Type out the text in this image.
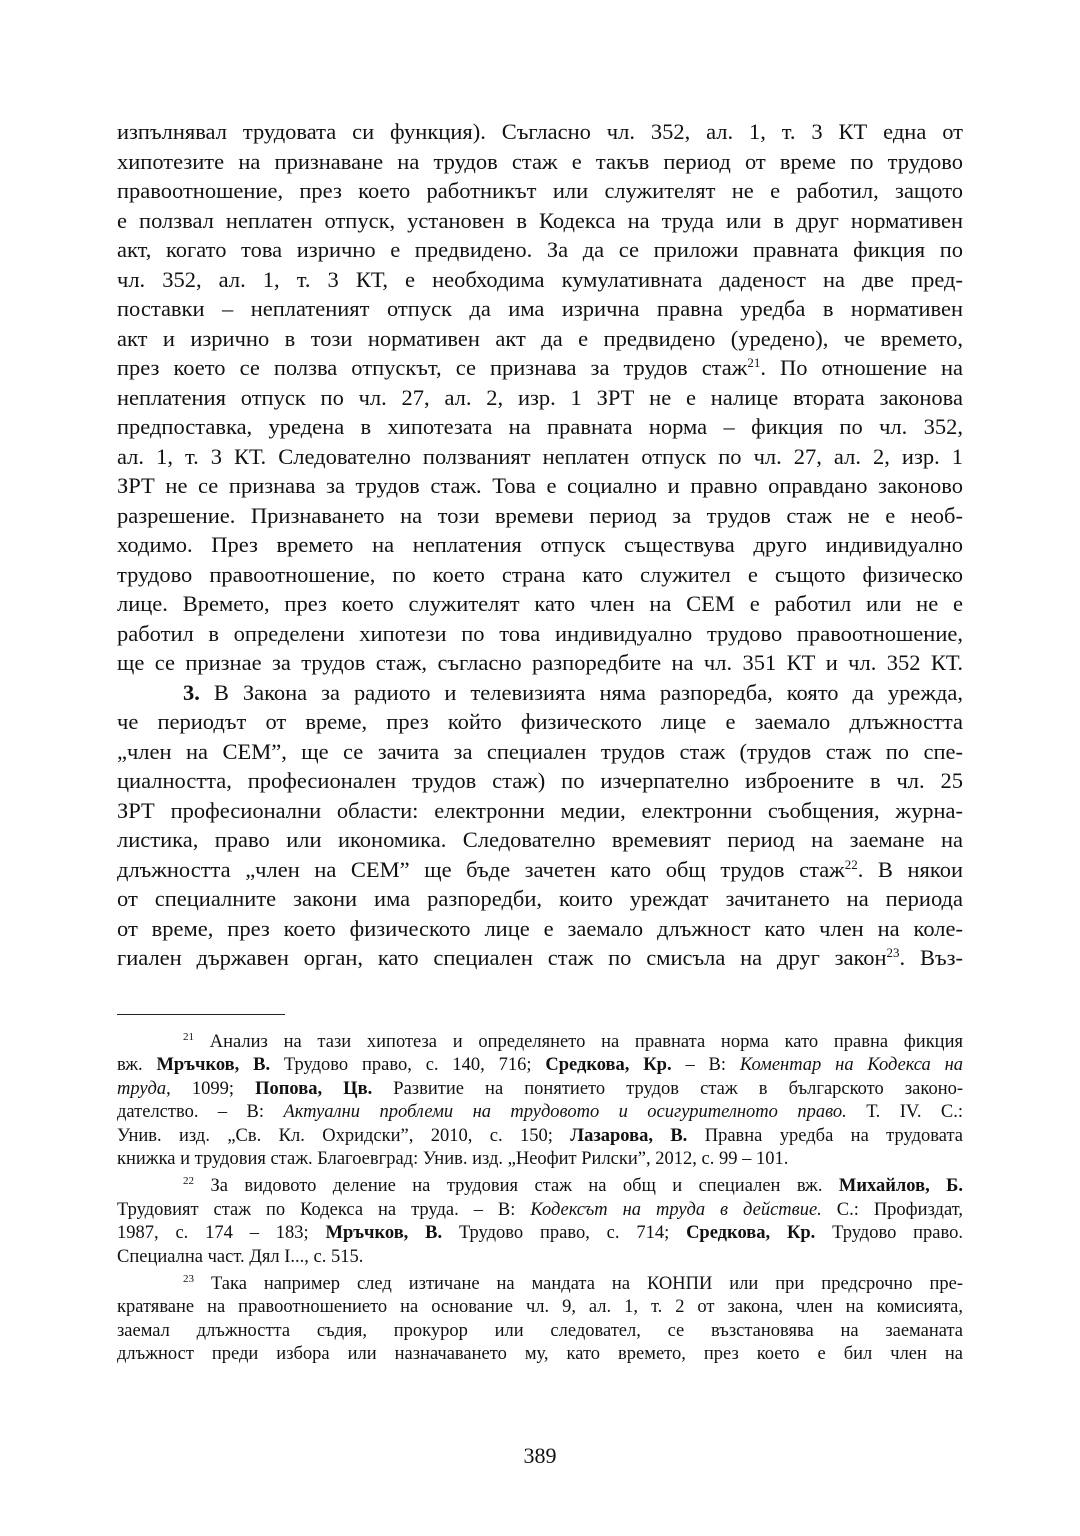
изпълнявал трудовата си функция). Съгласно чл. 352, ал. 1, т. 3 КТ една от
хипотезите на признаване на трудов стаж е такъв период от време по трудово
правоотношение, през което работникът или служителят не е работил, защото
е ползвал неплатен отпуск, установен в Кодекса на труда или в друг нормативен
акт, когато това изрично е предвидено. За да се приложи правната фикция по
чл. 352, ал. 1, т. 3 КТ, е необходима кумулативната даденост на две пред-
поставки – неплатеният отпуск да има изрична правна уредба в нормативен
акт и изрично в този нормативен акт да е предвидено (уредено), че времето,
през което се ползва отпускът, се признава за трудов стаж$^{21}$. По отношение на
неплатения отпуск по чл. 27, ал. 2, изр. 1 ЗРТ не е налице втората законова
предпоставка, уредена в хипотезата на правната норма – фикция по чл. 352,
ал. 1, т. 3 КТ. Следователно ползваният неплатен отпуск по чл. 27, ал. 2, изр. 1
ЗРТ не се признава за трудов стаж. Това е социално и правно оправдано законово
разрешение. Признаването на този времеви период за трудов стаж не е необ-
ходимо. През времето на неплатения отпуск съществува друго индивидуално
трудово правоотношение, по което страна като служител е същото физическо
лице. Времето, през което служителят като член на СЕМ е работил или не е
работил в определени хипотези по това индивидуално трудово правоотношение,
ще се признае за трудов стаж, съгласно разпоредбите на чл. 351 КТ и чл. 352 КТ.
3. В Закона за радиото и телевизията няма разпоредба, която да урежда,
че периодът от време, през който физическото лице е заемало длъжността
„член на СЕМ”, ще се зачита за специален трудов стаж (трудов стаж по спе-
циалността, професионален трудов стаж) по изчерпателно изброените в чл. 25
ЗРТ професионални области: електронни медии, електронни съобщения, журна-
листика, право или икономика. Следователно времевият период на заемане на
длъжността „член на СЕМ” ще бъде зачетен като общ трудов стаж$^{22}$. В някои
от специалните закони има разпоредби, които уреждат зачитането на периода
от време, през което физическото лице е заемало длъжност като член на коле-
гиален държавен орган, като специален стаж по смисъла на друг закон$^{23}$. Въз-
$^{21}$ Анализ на тази хипотеза и определянето на правната норма като правна фикция
вж. Мръчков, В. Трудово право, с. 140, 716; Средкова, Кр. – В: Коментар на Кодекса на
труда, 1099; Попова, Цв. Развитие на понятието трудов стаж в българското законо-
дателство. – В: Актуални проблеми на трудовото и осигурителното право. Т. IV. С.:
Унив. изд. „Св. Кл. Охридски”, 2010, с. 150; Лазарова, В. Правна уредба на трудовата
книжка и трудовия стаж. Благоевград: Унив. изд. „Неофит Рилски”, 2012, с. 99 – 101.
$^{22}$ За видовото деление на трудовия стаж на общ и специален вж. Михайлов, Б.
Трудовият стаж по Кодекса на труда. – В: Кодексът на труда в действие. С.: Профиздат,
1987, с. 174 – 183; Мръчков, В. Трудово право, с. 714; Средкова, Кр. Трудово право.
Специална част. Дял I..., с. 515.
$^{23}$ Така например след изтичане на мандата на КОНПИ или при предсрочно пре-
кратяване на правоотношението на основание чл. 9, ал. 1, т. 2 от закона, член на комисията,
заемал длъжността съдия, прокурор или следовател, се възстановява на заеманата
длъжност преди избора или назначаването му, като времето, през което е бил член на
389
